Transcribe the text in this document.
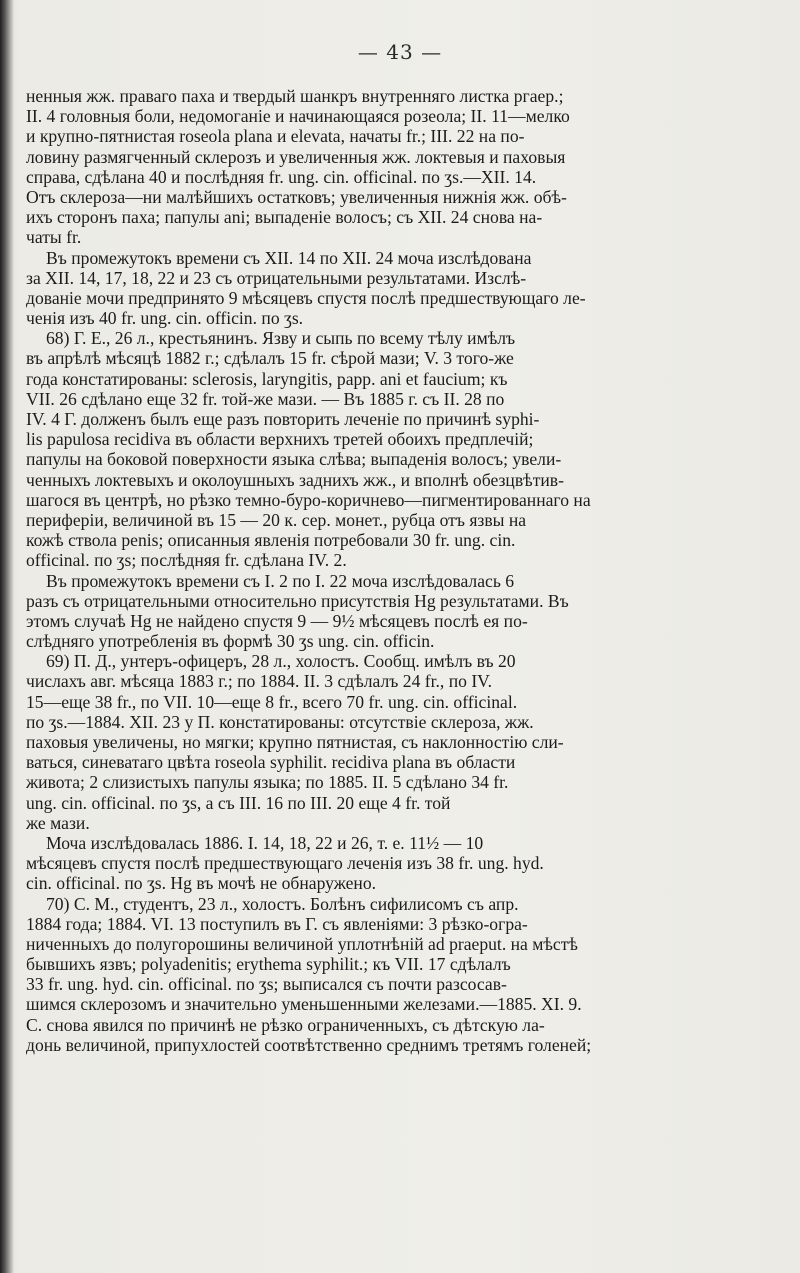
— 43 —
ненныя жж. праваго паха и твердый шанкръ внутренняго листка ргаер.;
II. 4 головныя боли, недомоганіе и начинающаяся розеола; II. 11—мелко
и крупно-пятнистая roseola plana и elevata, начаты fr.; III. 22 на по-
ловину размягченный склерозъ и увеличенныя жж. локтевыя и паховыя
справа, сдѣлана 40 и послѣдняя fr. ung. cin. officinal. по ʒs.—XII. 14.
Отъ склероза—ни малѣйшихъ остатковъ; увеличенныя нижнія жж. обѣ-
ихъ сторонъ паха; папулы ani; выпаденіе волосъ; съ XII. 24 снова на-
чаты fr.
Въ промежутокъ времени съ XII. 14 по XII. 24 моча изслѣдована
за XII. 14, 17, 18, 22 и 23 съ отрицательными результатами. Изслѣ-
дованіе мочи предпринято 9 мѣсяцевъ спустя послѣ предшествующаго ле-
ченія изъ 40 fr. ung. cin. officin. по ʒs.
68) Г. Е., 26 л., крестьянинъ. Язву и сыпь по всему тѣлу имѣлъ
въ апрѣлѣ мѣсяцѣ 1882 г.; сдѣлалъ 15 fr. сѣрой мази; V. 3 того-же
года констатированы: sclerosis, laryngitis, papp. ani et faucium; къ
VII. 26 сдѣлано еще 32 fr. той-же мази. — Въ 1885 г. съ II. 28 по
IV. 4 Г. долженъ былъ еще разъ повторить леченіе по причинѣ syphi-
lis papulosa recidiva въ области верхнихъ третей обоихъ предплечій;
папулы на боковой поверхности языка слѣва; выпаденія волосъ; увели-
ченныхъ локтевыхъ и околоушныхъ заднихъ жж., и вполнѣ обезцвѣтив-
шагося въ центрѣ, но рѣзко темно-буро-коричнево—пигментированнаго на
периферіи, величиной въ 15 — 20 к. сер. монет., рубца отъ язвы на
кожѣ ствола penis; описанныя явленія потребовали 30 fr. ung. cin.
officinal. по ʒs; послѣдняя fr. сдѣлана IV. 2.
Въ промежутокъ времени съ I. 2 по I. 22 моча изслѣдовалась 6
разъ съ отрицательными относительно присутствія Hg результатами. Въ
этомъ случаѣ Hg не найдено спустя 9 — 9½ мѣсяцевъ послѣ ея по-
слѣдняго употребленія въ формѣ 30 ʒs ung. cin. officin.
69) П. Д., унтеръ-офицеръ, 28 л., холостъ. Сообщ. имѣлъ въ 20
числахъ авг. мѣсяца 1883 г.; по 1884. II. 3 сдѣлалъ 24 fr., по IV.
15—еще 38 fr., по VII. 10—еще 8 fr., всего 70 fr. ung. cin. officinal.
по ʒs.—1884. XII. 23 у П. констатированы: отсутствіе склероза, жж.
паховыя увеличены, но мягки; крупно пятнистая, съ наклонностію сли-
ваться, синеватаго цвѣта roseola syphilit. recidiva plana въ области
живота; 2 слизистыхъ папулы языка; по 1885. II. 5 сдѣлано 34 fr.
ung. cin. officinal. по ʒs, а съ III. 16 по III. 20 еще 4 fr. той
же мази.
Моча изслѣдовалась 1886. I. 14, 18, 22 и 26, т. е. 11½ — 10
мѣсяцевъ спустя послѣ предшествующаго леченія изъ 38 fr. ung. hyd.
cin. officinal. по ʒs. Hg въ мочѣ не обнаружено.
70) С. М., студентъ, 23 л., холостъ. Болѣнъ сифилисомъ съ апр.
1884 года; 1884. VI. 13 поступилъ въ Г. съ явленіями: 3 рѣзко-огра-
ниченныхъ до полугорошины величиной уплотнѣній ad praeput. на мѣстѣ
бывшихъ язвъ; polyadenitis; erythema syphilit.; къ VII. 17 сдѣлалъ
33 fr. ung. hyd. cin. officinal. по ʒs; выписался съ почти разсосав-
шимся склерозомъ и значительно уменьшенными железами.—1885. XI. 9.
С. снова явился по причинѣ не рѣзко ограниченныхъ, съ дѣтскую ла-
донь величиной, припухлостей соотвѣтственно среднимъ третямъ голеней;
